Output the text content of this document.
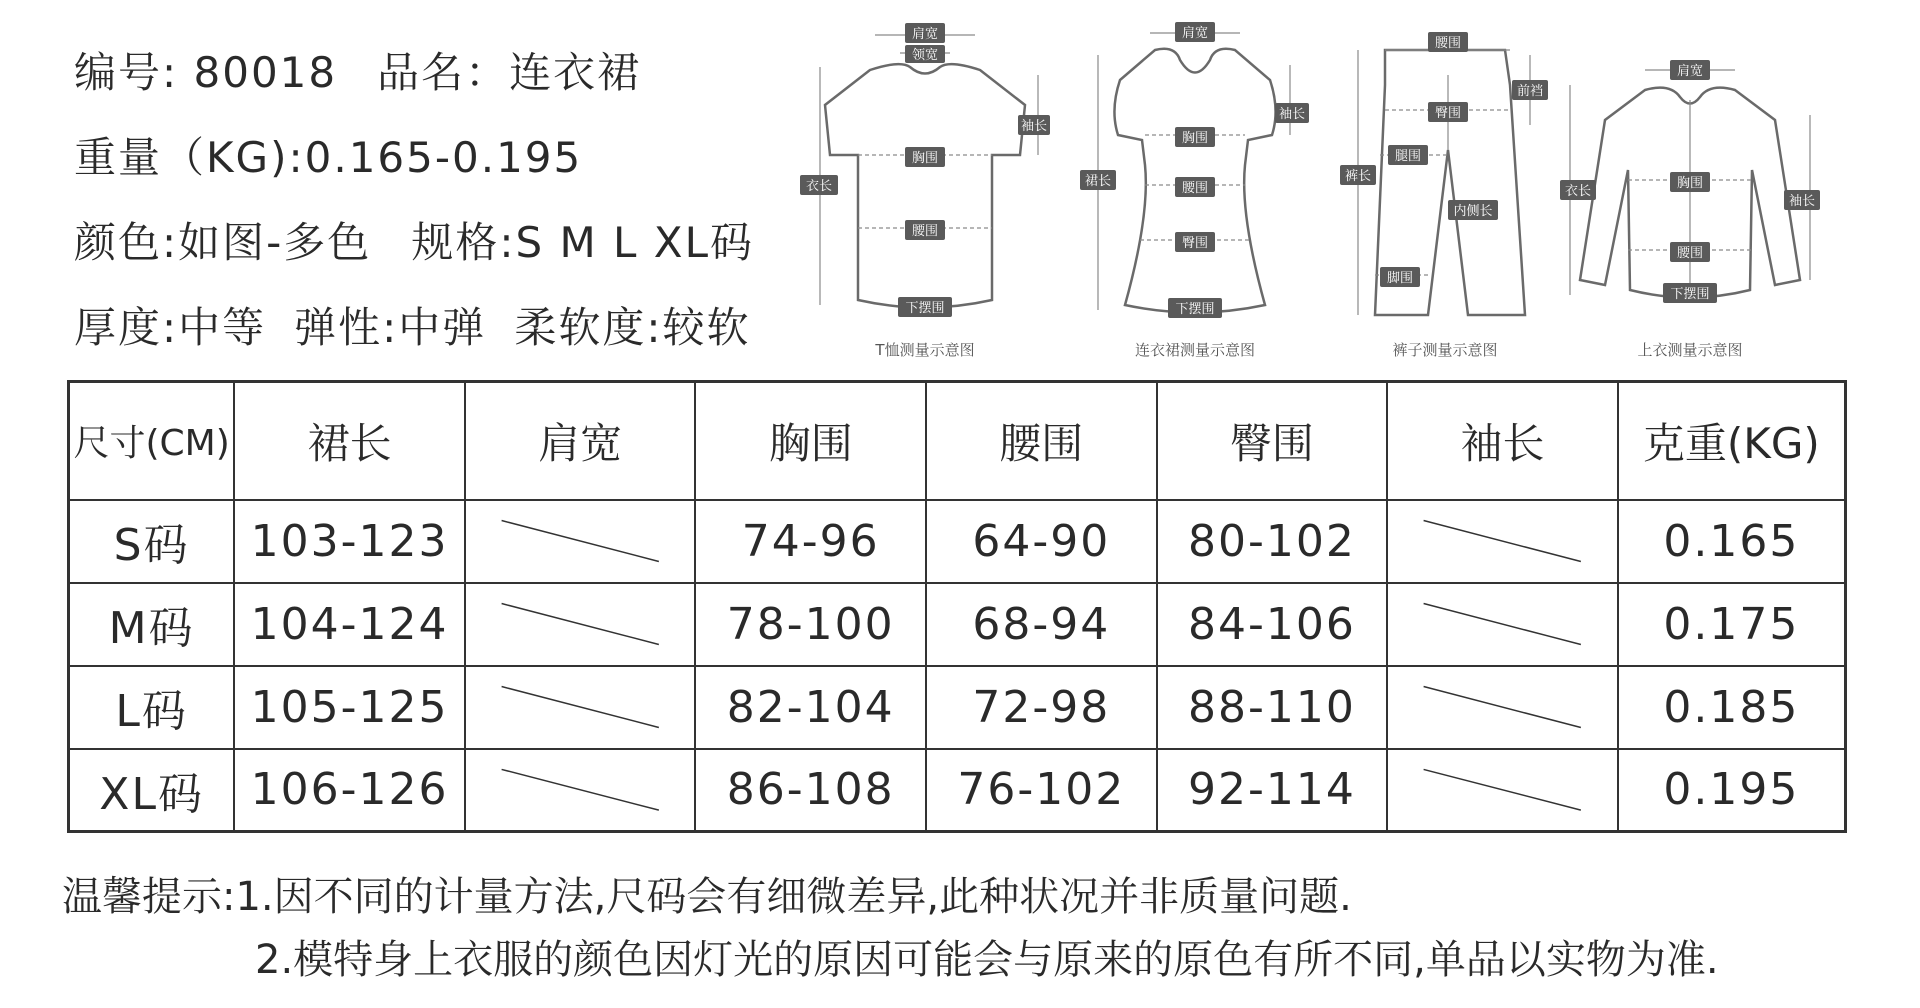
编号: 80018 品名：连衣裙
重量（KG):0.165-0.195
颜色:如图-多色 规格:S M L XL码
厚度:中等 弹性:中弹 柔软度:较软
肩宽
领宽
袖长
胸围
衣长
腰围
下摆围
T恤测量示意图
肩宽
袖长
胸围
裙长	腰围
臀围
下摆围
连衣裙测量示意图
腰围
前裆
臀围
裤长
腿围
内侧长
脚围
裤子测量示意图
肩宽
衣长
胸围
袖长
腰围
下摆围
上衣测量示意图
尺寸(CM)	裙长	肩宽	胸围	腰围	臀围	袖长	克重(KG)
S码	103-123		74-96	64-90	80-102		0.165
M码	104-124		78-100	68-94	84-106		0.175
L码	105-125		82-104	72-98	88-110		0.185
XL码	106-126		86-108	76-102	92-114		0.195
温馨提示:1.因不同的计量方法,尺码会有细微差异,此种状况并非质量问题.
2.模特身上衣服的颜色因灯光的原因可能会与原来的原色有所不同,单品以实物为准.
